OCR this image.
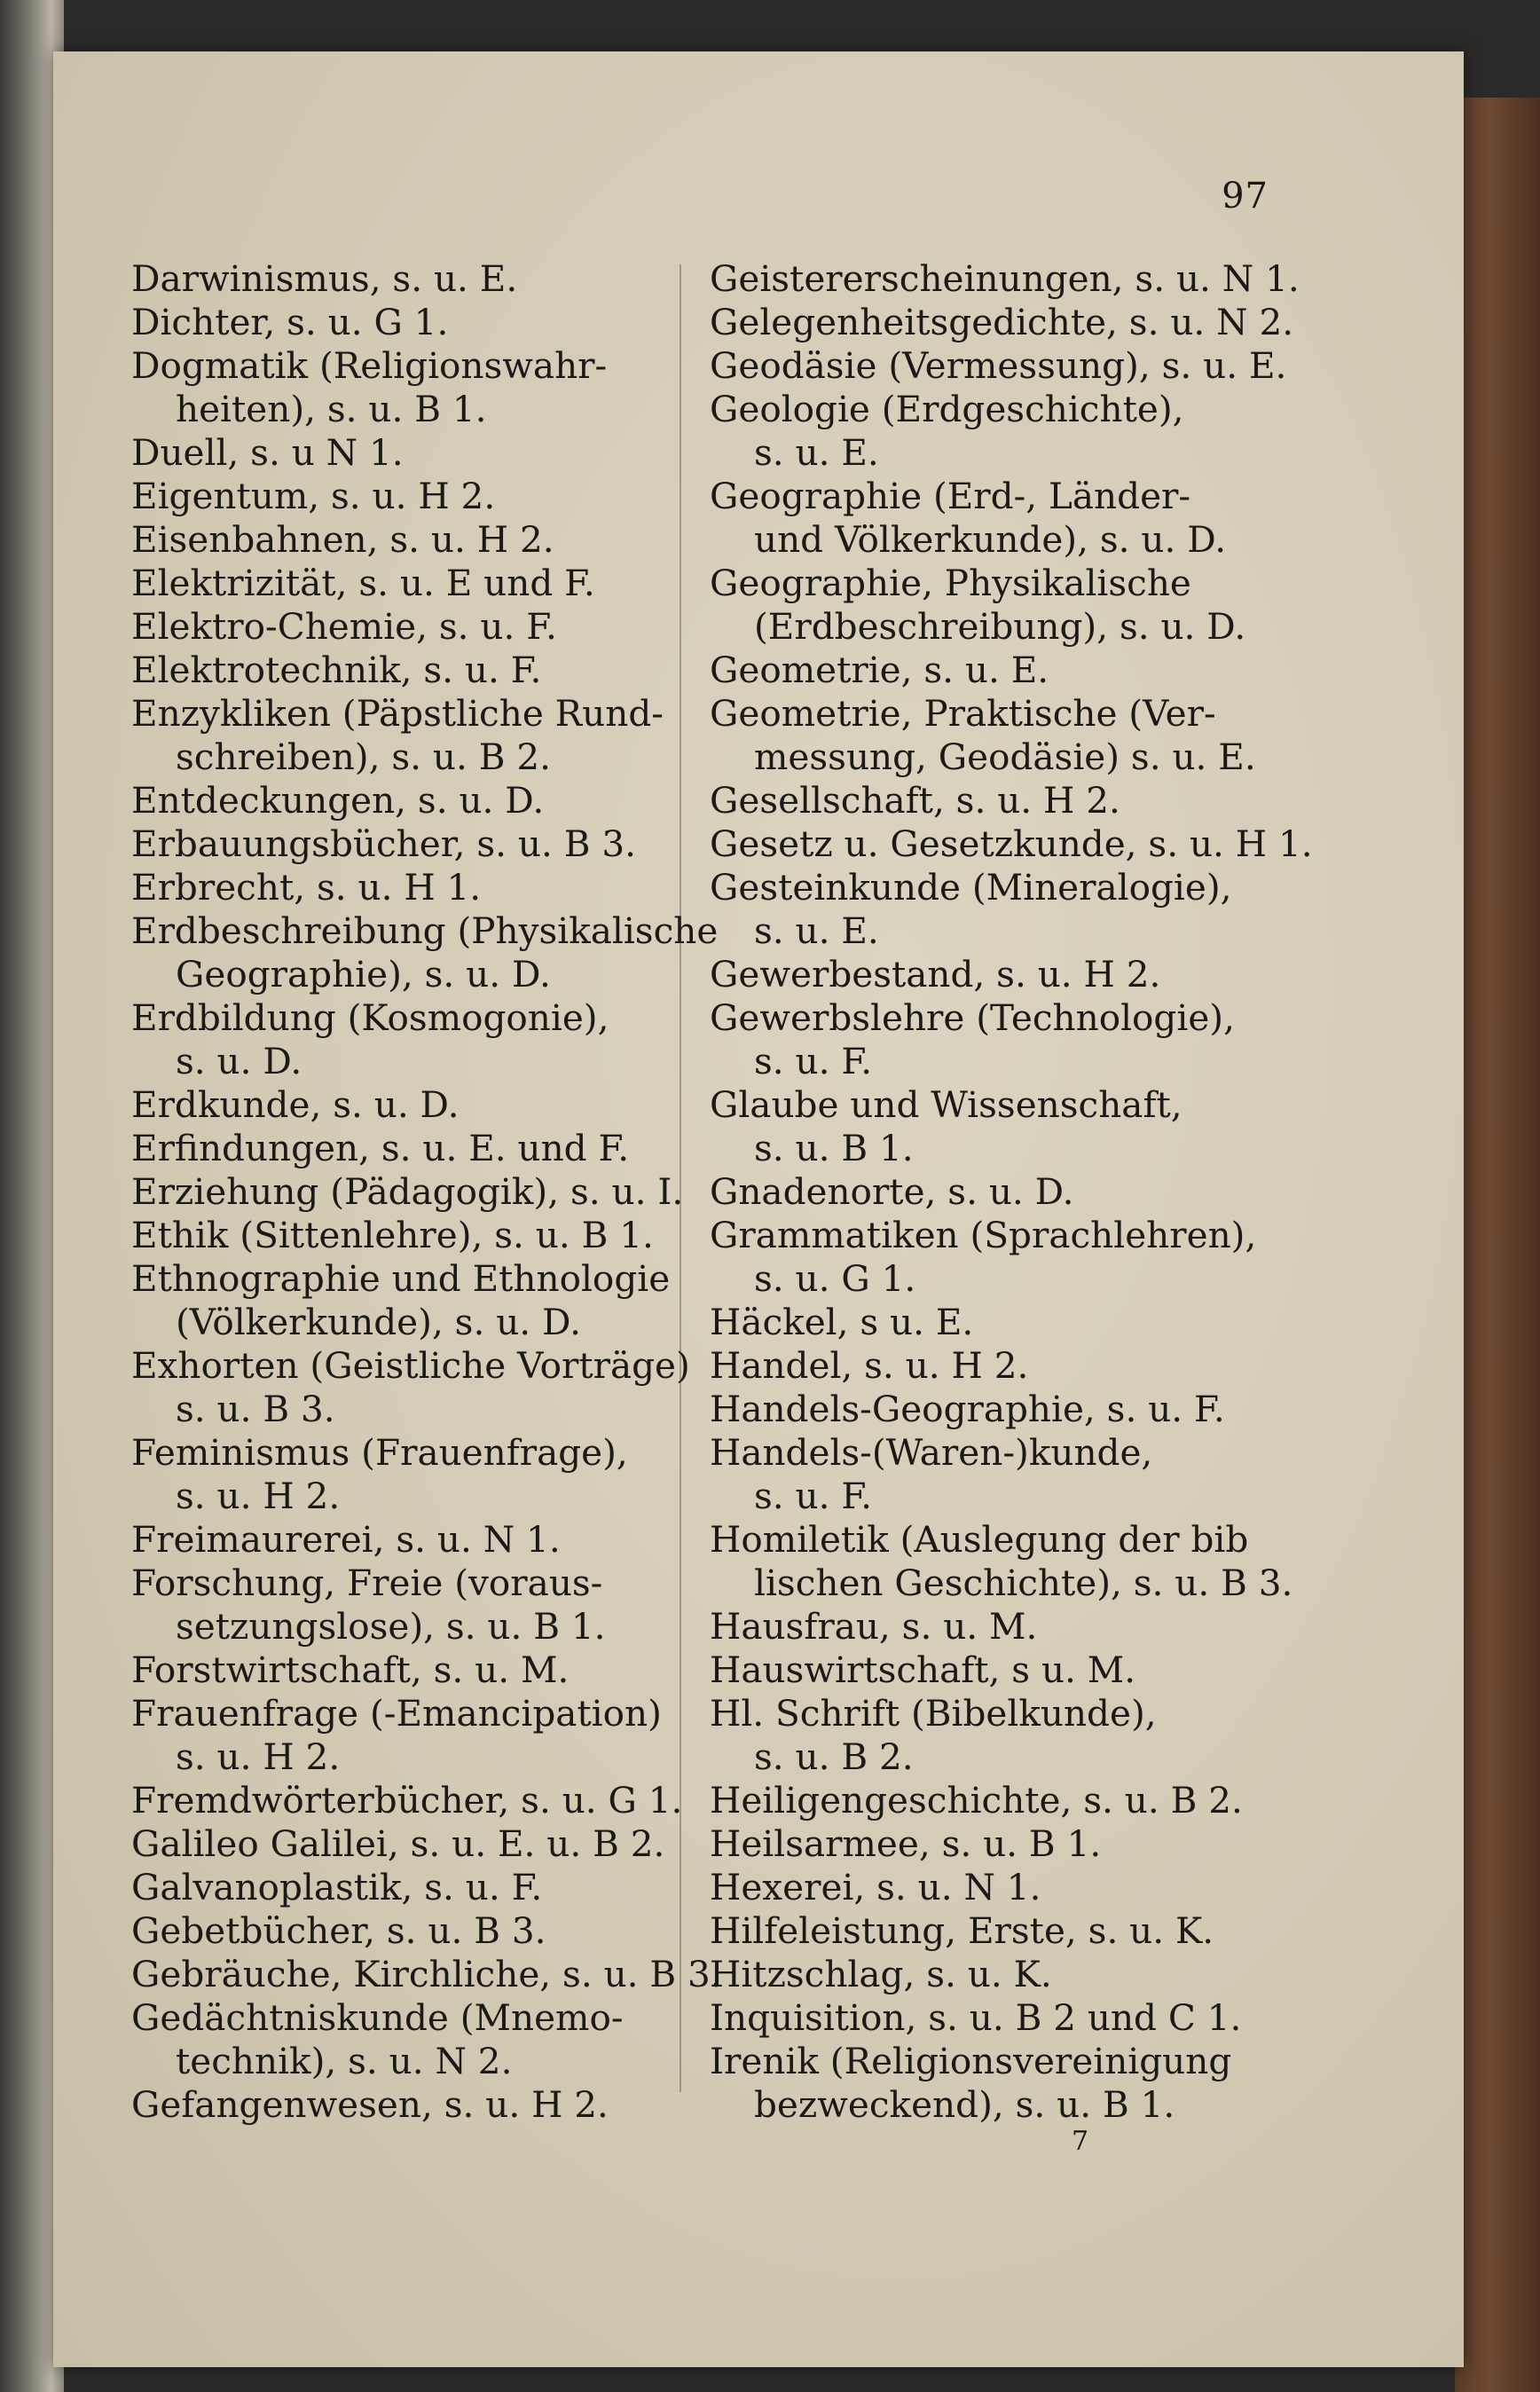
97
Darwinismus, s. u. E.
Dichter, s. u. G 1.
Dogmatik (Religionswahr-
heiten), s. u. B 1.
Duell, s. u N 1.
Eigentum, s. u. H 2.
Eisenbahnen, s. u. H 2.
Elektrizität, s. u. E und F.
Elektro-Chemie, s. u. F.
Elektrotechnik, s. u. F.
Enzykliken (Päpstliche Rund-
schreiben), s. u. B 2.
Entdeckungen, s. u. D.
Erbauungsbücher, s. u. B 3.
Erbrecht, s. u. H 1.
Erdbeschreibung (Physikalische
Geographie), s. u. D.
Erdbildung (Kosmogonie),
s. u. D.
Erdkunde, s. u. D.
Erfindungen, s. u. E. und F.
Erziehung (Pädagogik), s. u. I.
Ethik (Sittenlehre), s. u. B 1.
Ethnographie und Ethnologie
(Völkerkunde), s. u. D.
Exhorten (Geistliche Vorträge)
s. u. B 3.
Feminismus (Frauenfrage),
s. u. H 2.
Freimaurerei, s. u. N 1.
Forschung, Freie (voraus-
setzungslose), s. u. B 1.
Forstwirtschaft, s. u. M.
Frauenfrage (-Emancipation)
s. u. H 2.
Fremdwörterbücher, s. u. G 1.
Galileo Galilei, s. u. E. u. B 2.
Galvanoplastik, s. u. F.
Gebetbücher, s. u. B 3.
Gebräuche, Kirchliche, s. u. B 3.
Gedächtniskunde (Mnemo-
technik), s. u. N 2.
Gefangenwesen, s. u. H 2.
Geistererscheinungen, s. u. N 1.
Gelegenheitsgedichte, s. u. N 2.
Geodäsie (Vermessung), s. u. E.
Geologie (Erdgeschichte),
s. u. E.
Geographie (Erd-, Länder-
und Völkerkunde), s. u. D.
Geographie, Physikalische
(Erdbeschreibung), s. u. D.
Geometrie, s. u. E.
Geometrie, Praktische (Ver-
messung, Geodäsie) s. u. E.
Gesellschaft, s. u. H 2.
Gesetz u. Gesetzkunde, s. u. H 1.
Gesteinkunde (Mineralogie),
s. u. E.
Gewerbestand, s. u. H 2.
Gewerbslehre (Technologie),
s. u. F.
Glaube und Wissenschaft,
s. u. B 1.
Gnadenorte, s. u. D.
Grammatiken (Sprachlehren),
s. u. G 1.
Häckel, s u. E.
Handel, s. u. H 2.
Handels-Geographie, s. u. F.
Handels-(Waren-)kunde,
s. u. F.
Homiletik (Auslegung der bib
lischen Geschichte), s. u. B 3.
Hausfrau, s. u. M.
Hauswirtschaft, s u. M.
Hl. Schrift (Bibelkunde),
s. u. B 2.
Heiligengeschichte, s. u. B 2.
Heilsarmee, s. u. B 1.
Hexerei, s. u. N 1.
Hilfeleistung, Erste, s. u. K.
Hitzschlag, s. u. K.
Inquisition, s. u. B 2 und C 1.
Irenik (Religionsvereinigung
bezweckend), s. u. B 1.
7
